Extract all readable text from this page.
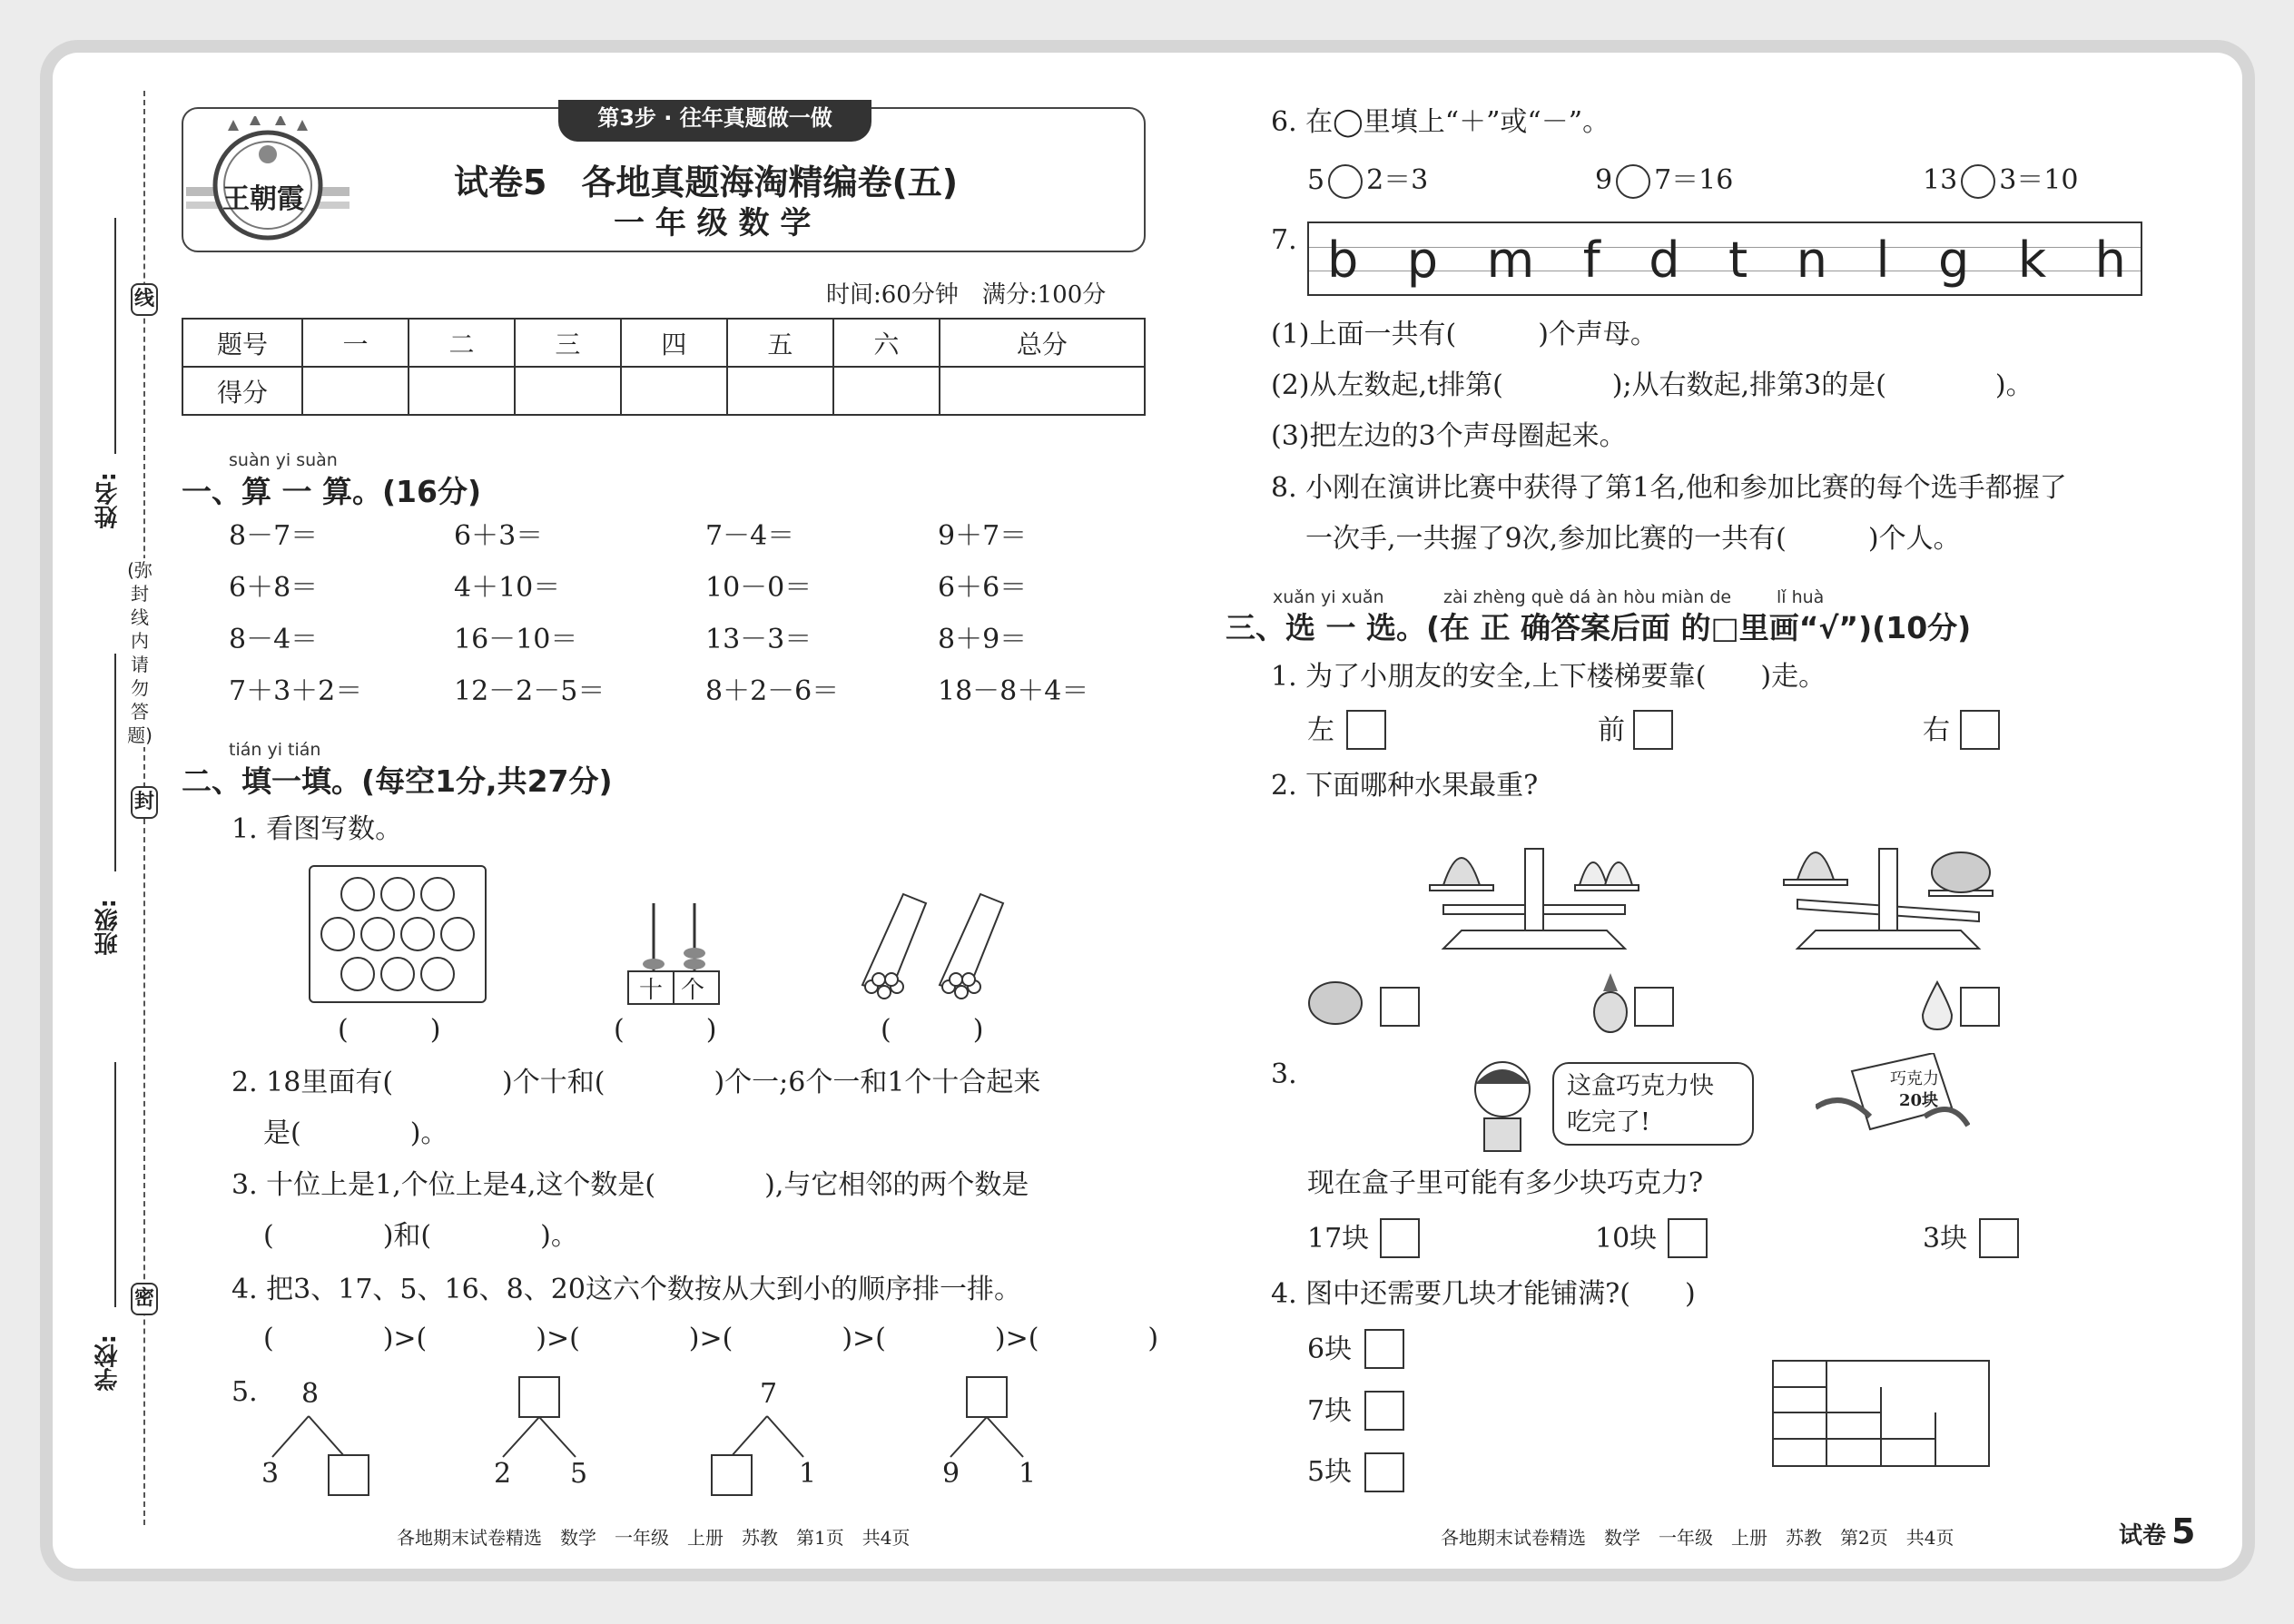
线
封
密
(弥封线内请勿答题)
姓名:
班级:
学校:
第3步 · 往年真题做一做
王朝霞	试卷5　各地真题海淘精编卷(五)
一 年 级 数 学
时间:60分钟　满分:100分
题号	一	二	三	四	五	六	总分
得分							
suàn yi suàn
一、算 一 算。(16分)
8－7＝	6＋3＝	7－4＝	9＋7＝
6＋8＝	4＋10＝	10－0＝	6＋6＝
8－4＝	16－10＝	13－3＝	8＋9＝
7＋3＋2＝	12－2－5＝	8＋2－6＝	18－8＋4＝
tián yi tián
二、填一填。(每空1分,共27分)
1. 看图写数。
十 个
(　　　)	(　　　)	(　　　)
2. 18里面有(　　　　)个十和(　　　　)个一;6个一和1个十合起来
是(　　　　)。
3. 十位上是1,个位上是4,这个数是(　　　　),与它相邻的两个数是
(　　　　)和(　　　　)。
4. 把3、17、5、16、8、20这六个数按从大到小的顺序排一排。
(　　　　)>(　　　　)>(　　　　)>(　　　　)>(　　　　)>(　　　　)
5. 8
3	2 5
7
1	9 1
6. 在◯里填上“＋”或“－”。
5 2＝3	9 7＝16	13 3＝10
7. b p m f d t n l g k h
(1)上面一共有(　　　)个声母。
(2)从左数起,t排第(　　　　);从右数起,排第3的是(　　　　)。
(3)把左边的3个声母圈起来。
8. 小刚在演讲比赛中获得了第1名,他和参加比赛的每个选手都握了
一次手,一共握了9次,参加比赛的一共有(　　　)个人。
xuǎn yi xuǎn	zài zhèng què dá àn hòu miàn de	lǐ huà
三、选 一 选。(在 正 确答案后面 的□里画“√”)(10分)
1. 为了小朋友的安全,上下楼梯要靠(　　)走。
左	前	右
2. 下面哪种水果最重?
3.	这盒巧克力快
吃完了!
巧克力
20块
现在盒子里可能有多少块巧克力?
17块	10块	3块
4. 图中还需要几块才能铺满?(　　)
6块
7块
5块
各地期末试卷精选　数学　一年级　上册　苏教　第1页　共4页	各地期末试卷精选　数学　一年级　上册　苏教　第2页　共4页	试卷 5
